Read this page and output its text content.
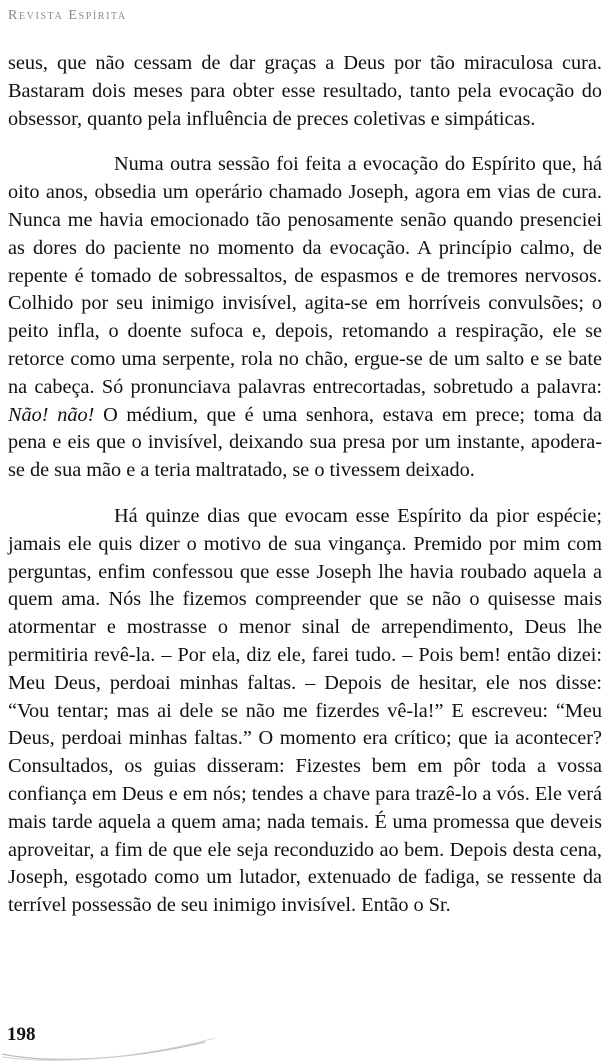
Revista Espírita

seus, que não cessam de dar graças a Deus por tão miraculosa cura. Bastaram dois meses para obter esse resultado, tanto pela evocação do obsessor, quanto pela influência de preces coletivas e simpáticas.

Numa outra sessão foi feita a evocação do Espírito que, há oito anos, obsedia um operário chamado Joseph, agora em vias de cura. Nunca me havia emocionado tão penosamente senão quando presenciei as dores do paciente no momento da evocação. A princípio calmo, de repente é tomado de sobressaltos, de espasmos e de tremores nervosos. Colhido por seu inimigo invisível, agita-se em horríveis convulsões; o peito infla, o doente sufoca e, depois, retomando a respiração, ele se retorce como uma serpente, rola no chão, ergue-se de um salto e se bate na cabeça. Só pronunciava palavras entrecortadas, sobretudo a palavra: Não! não! O médium, que é uma senhora, estava em prece; toma da pena e eis que o invisível, deixando sua presa por um instante, apodera-se de sua mão e a teria maltratado, se o tivessem deixado.

Há quinze dias que evocam esse Espírito da pior espécie; jamais ele quis dizer o motivo de sua vingança. Premido por mim com perguntas, enfim confessou que esse Joseph lhe havia roubado aquela a quem ama. Nós lhe fizemos compreender que se não o quisesse mais atormentar e mostrasse o menor sinal de arrependimento, Deus lhe permitiria revê-la. – Por ela, diz ele, farei tudo. – Pois bem! então dizei: Meu Deus, perdoai minhas faltas. – Depois de hesitar, ele nos disse: “Vou tentar; mas ai dele se não me fizerdes vê-la!” E escreveu: “Meu Deus, perdoai minhas faltas.” O momento era crítico; que ia acontecer? Consultados, os guias disseram: Fizestes bem em pôr toda a vossa confiança em Deus e em nós; tendes a chave para trazê-lo a vós. Ele verá mais tarde aquela a quem ama; nada temais. É uma promessa que deveis aproveitar, a fim de que ele seja reconduzido ao bem. Depois desta cena, Joseph, esgotado como um lutador, extenuado de fadiga, se ressente da terrível possessão de seu inimigo invisível. Então o Sr.

198
